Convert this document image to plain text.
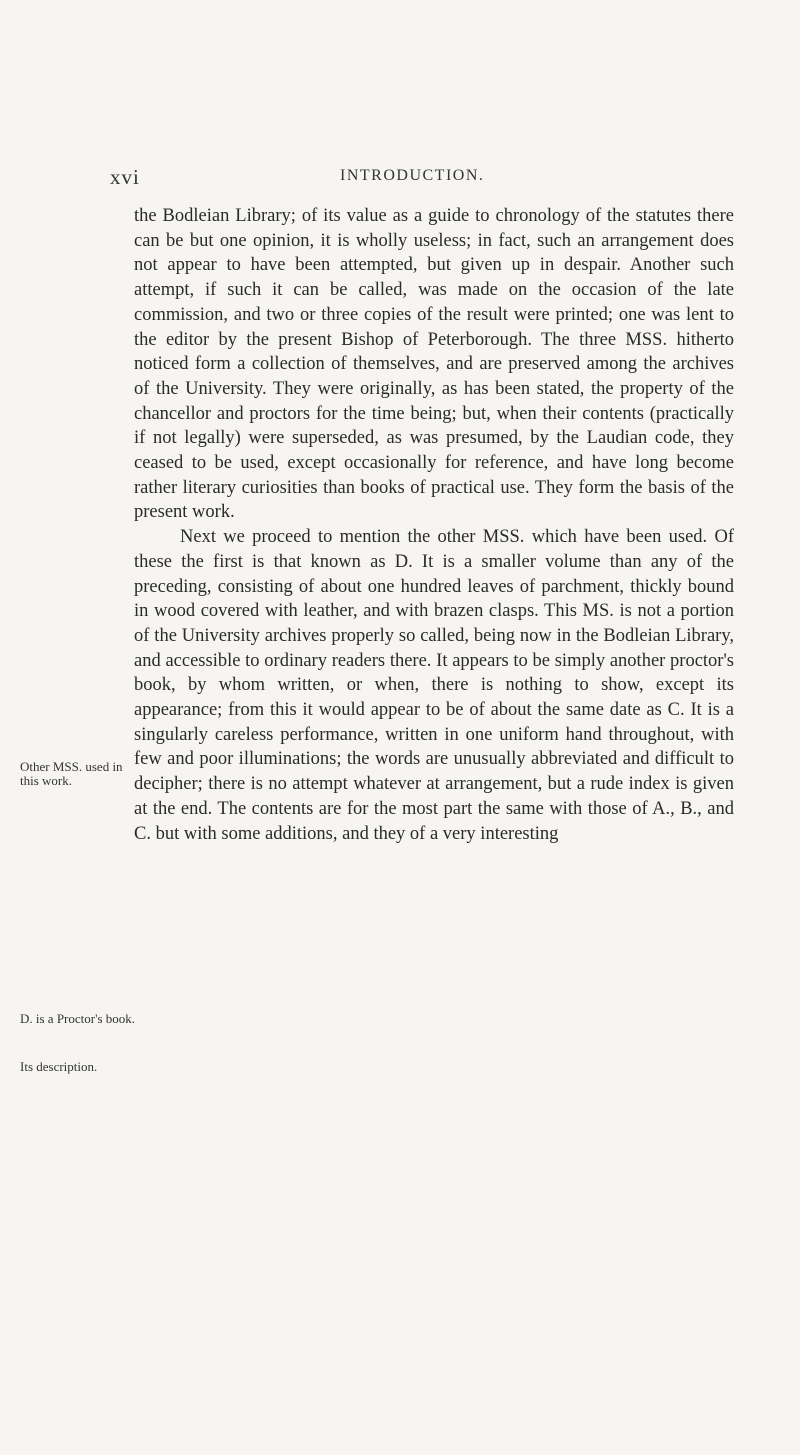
xvi	INTRODUCTION.
Other MSS. used in this work.
D. is a Proctor's book.
Its description.

the Bodleian Library; of its value as a guide to chronology of the statutes there can be but one opinion, it is wholly useless; in fact, such an arrangement does not appear to have been attempted, but given up in despair. Another such attempt, if such it can be called, was made on the occasion of the late commission, and two or three copies of the result were printed; one was lent to the editor by the present Bishop of Peterborough. The three MSS. hitherto noticed form a collection of themselves, and are preserved among the archives of the University. They were originally, as has been stated, the property of the chancellor and proctors for the time being; but, when their contents (practically if not legally) were superseded, as was presumed, by the Laudian code, they ceased to be used, except occasionally for reference, and have long become rather literary curiosities than books of practical use. They form the basis of the present work.

Next we proceed to mention the other MSS. which have been used. Of these the first is that known as D. It is a smaller volume than any of the preceding, consisting of about one hundred leaves of parchment, thickly bound in wood covered with leather, and with brazen clasps. This MS. is not a portion of the University archives properly so called, being now in the Bodleian Library, and accessible to ordinary readers there. It appears to be simply another proctor's book, by whom written, or when, there is nothing to show, except its appearance; from this it would appear to be of about the same date as C. It is a singularly careless performance, written in one uniform hand throughout, with few and poor illuminations; the words are unusually abbreviated and difficult to decipher; there is no attempt whatever at arrangement, but a rude index is given at the end. The contents are for the most part the same with those of A., B., and C. but with some additions, and they of a very interesting
